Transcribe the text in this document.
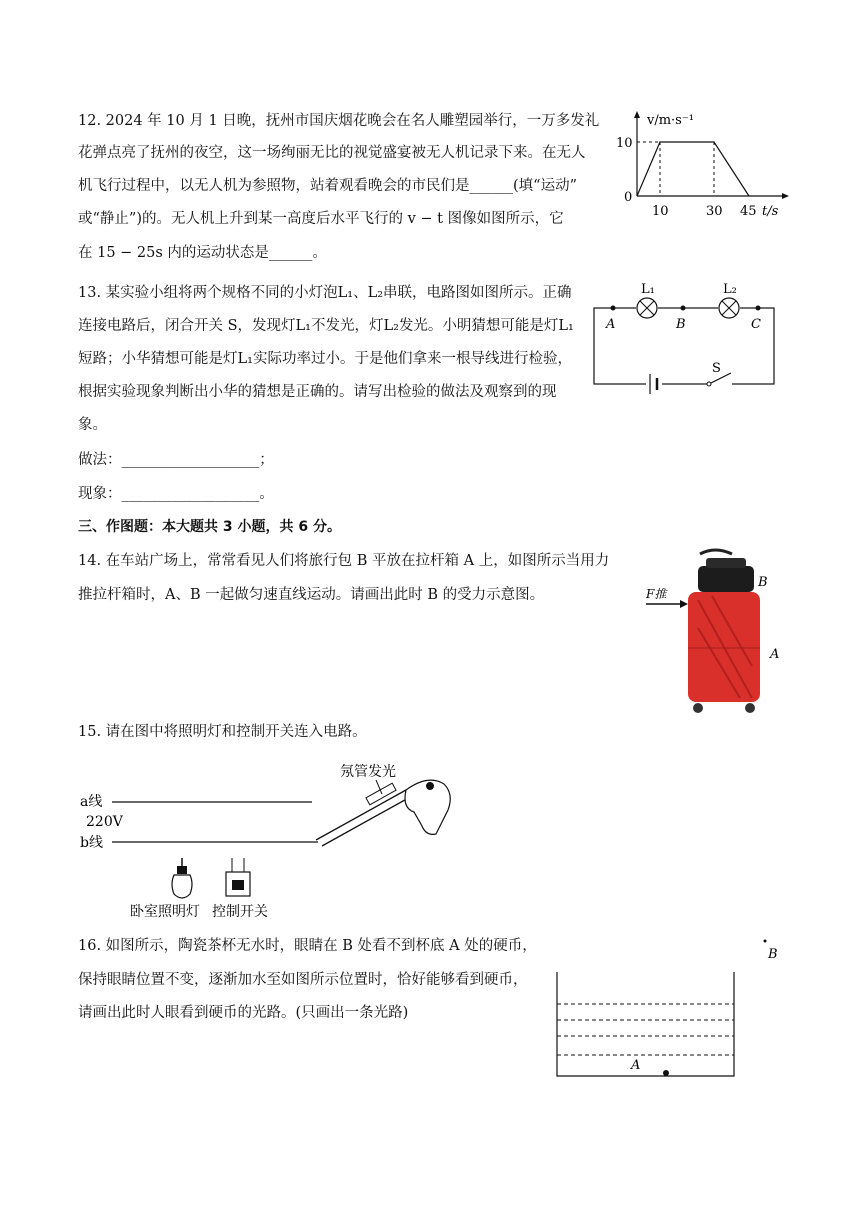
12. 2024 年 10 月 1 日晚，抚州市国庆烟花晚会在名人雕塑园举行，一万多发礼
花弹点亮了抚州的夜空，这一场绚丽无比的视觉盛宴被无人机记录下来。在无人
机飞行过程中，以无人机为参照物，站着观看晚会的市民们是______(填“运动”
或“静止”)的。无人机上升到某一高度后水平飞行的 v − t 图像如图所示，它
在 15 − 25s 内的运动状态是______。
v/m·s⁻¹
10
0
10	30 45 t/s
13. 某实验小组将两个规格不同的小灯泡L₁、L₂串联，电路图如图所示。正确
连接电路后，闭合开关 S，发现灯L₁不发光，灯L₂发光。小明猜想可能是灯L₁
短路；小华猜想可能是灯L₁实际功率过小。于是他们拿来一根导线进行检验，
根据实验现象判断出小华的猜想是正确的。请写出检验的做法及观察到的现
象。
做法：___________________；
现象：___________________。
L₁	L₂
A	B	C
S
三、作图题：本大题共 3 小题，共 6 分。
14. 在车站广场上，常常看见人们将旅行包 B 平放在拉杆箱 A 上，如图所示当用力
推拉杆箱时，A、B 一起做匀速直线运动。请画出此时 B 的受力示意图。	F推
B
A
15. 请在图中将照明灯和控制开关连入电路。
a线
220V
b线
氖管发光
卧室照明灯 控制开关
16. 如图所示，陶瓷茶杯无水时，眼睛在 B 处看不到杯底 A 处的硬币，
保持眼睛位置不变，逐渐加水至如图所示位置时，恰好能够看到硬币，
请画出此时人眼看到硬币的光路。(只画出一条光路)
A
B
